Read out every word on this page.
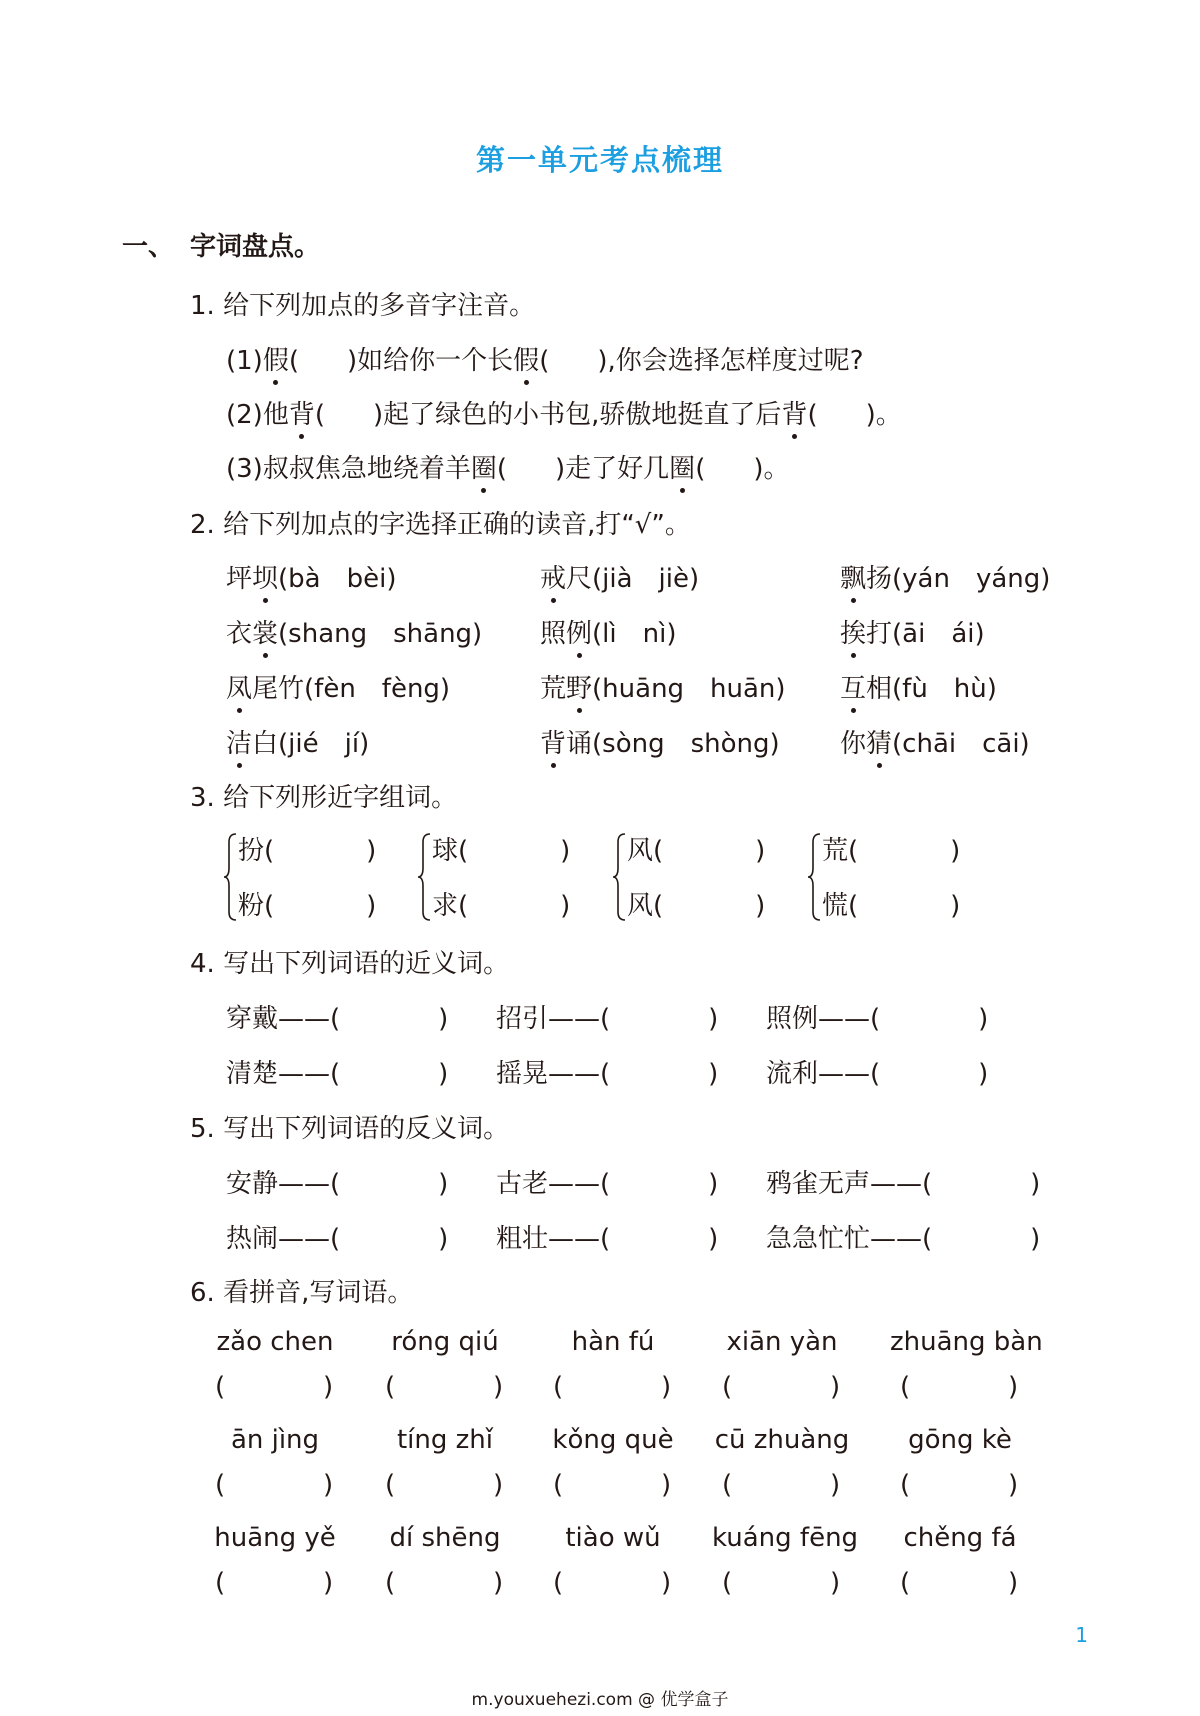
第一单元考点梳理
一、 字词盘点。
1. 给下列加点的多音字注音。
(1)假( )如给你一个长假( ),你会选择怎样度过呢?
(2)他背( )起了绿色的小书包,骄傲地挺直了后背( )。
(3)叔叔焦急地绕着羊圈( )走了好几圈( )。
2. 给下列加点的字选择正确的读音,打“√”。
坪坝(bà　bèi)	戒尺(jià　jiè)	飘扬(yán　yáng)
衣裳(shang　shāng) 照例(lì　nì)	挨打(āi　ái)
凤尾竹(fèn　fèng)	荒野(huāng　huān) 互相(fù　hù)
洁白(jié　jí)	背诵(sòng　shòng) 你猜(chāi　cāi)
3. 给下列形近字组词。
扮(	)
粉(	)
球(	)
求(	)
风(	)
风(	)
荒(	)
慌(	)
4. 写出下列词语的近义词。
穿戴——(	) 招引——(	) 照例——(	)
清楚——(	) 摇晃——(	) 流利——(	)
5. 写出下列词语的反义词。
安静——(	) 古老——(	) 鸦雀无声——(	)
热闹——(	) 粗壮——(	) 急急忙忙——(	)
6. 看拼音,写词语。
zǎo chen
(	)
róng qiú
(	)
hàn fú
(	)
xiān yàn
(	)
zhuāng bàn
(	)
ān jìng
(	)
tíng zhǐ
(	)
kǒng què
(	)
cū zhuàng
(	)
gōng kè
(	)
huāng yě
(	)
dí shēng
(	)
tiào wǔ
(	)
kuáng fēng
(	)
chěng fá
(	)
1
m.youxuehezi.com @ 优学盒子
